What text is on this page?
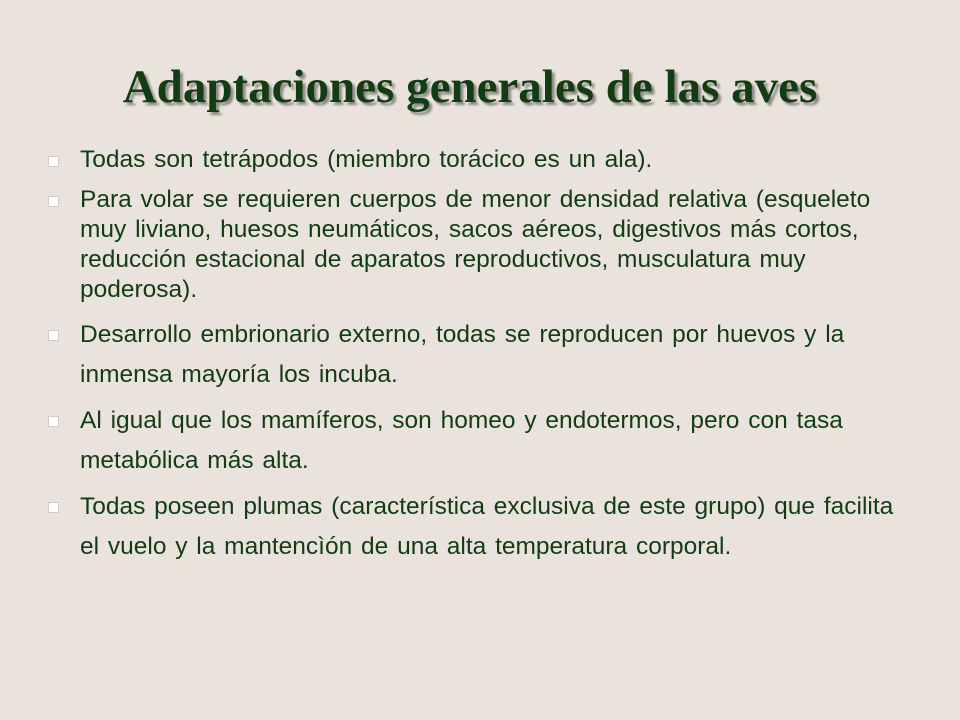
Adaptaciones generales de las aves
Todas son tetrápodos (miembro torácico es un ala).
Para volar se requieren cuerpos de menor densidad relativa (esqueleto muy liviano, huesos neumáticos, sacos aéreos, digestivos más cortos, reducción estacional de aparatos reproductivos, musculatura muy poderosa).
Desarrollo embrionario externo, todas se reproducen por huevos y la inmensa mayoría los incuba.
Al igual que los mamíferos, son homeo y endotermos, pero con tasa metabólica más alta.
Todas poseen plumas (característica exclusiva de este grupo) que facilita el vuelo y la mantencìón de una alta temperatura corporal.
